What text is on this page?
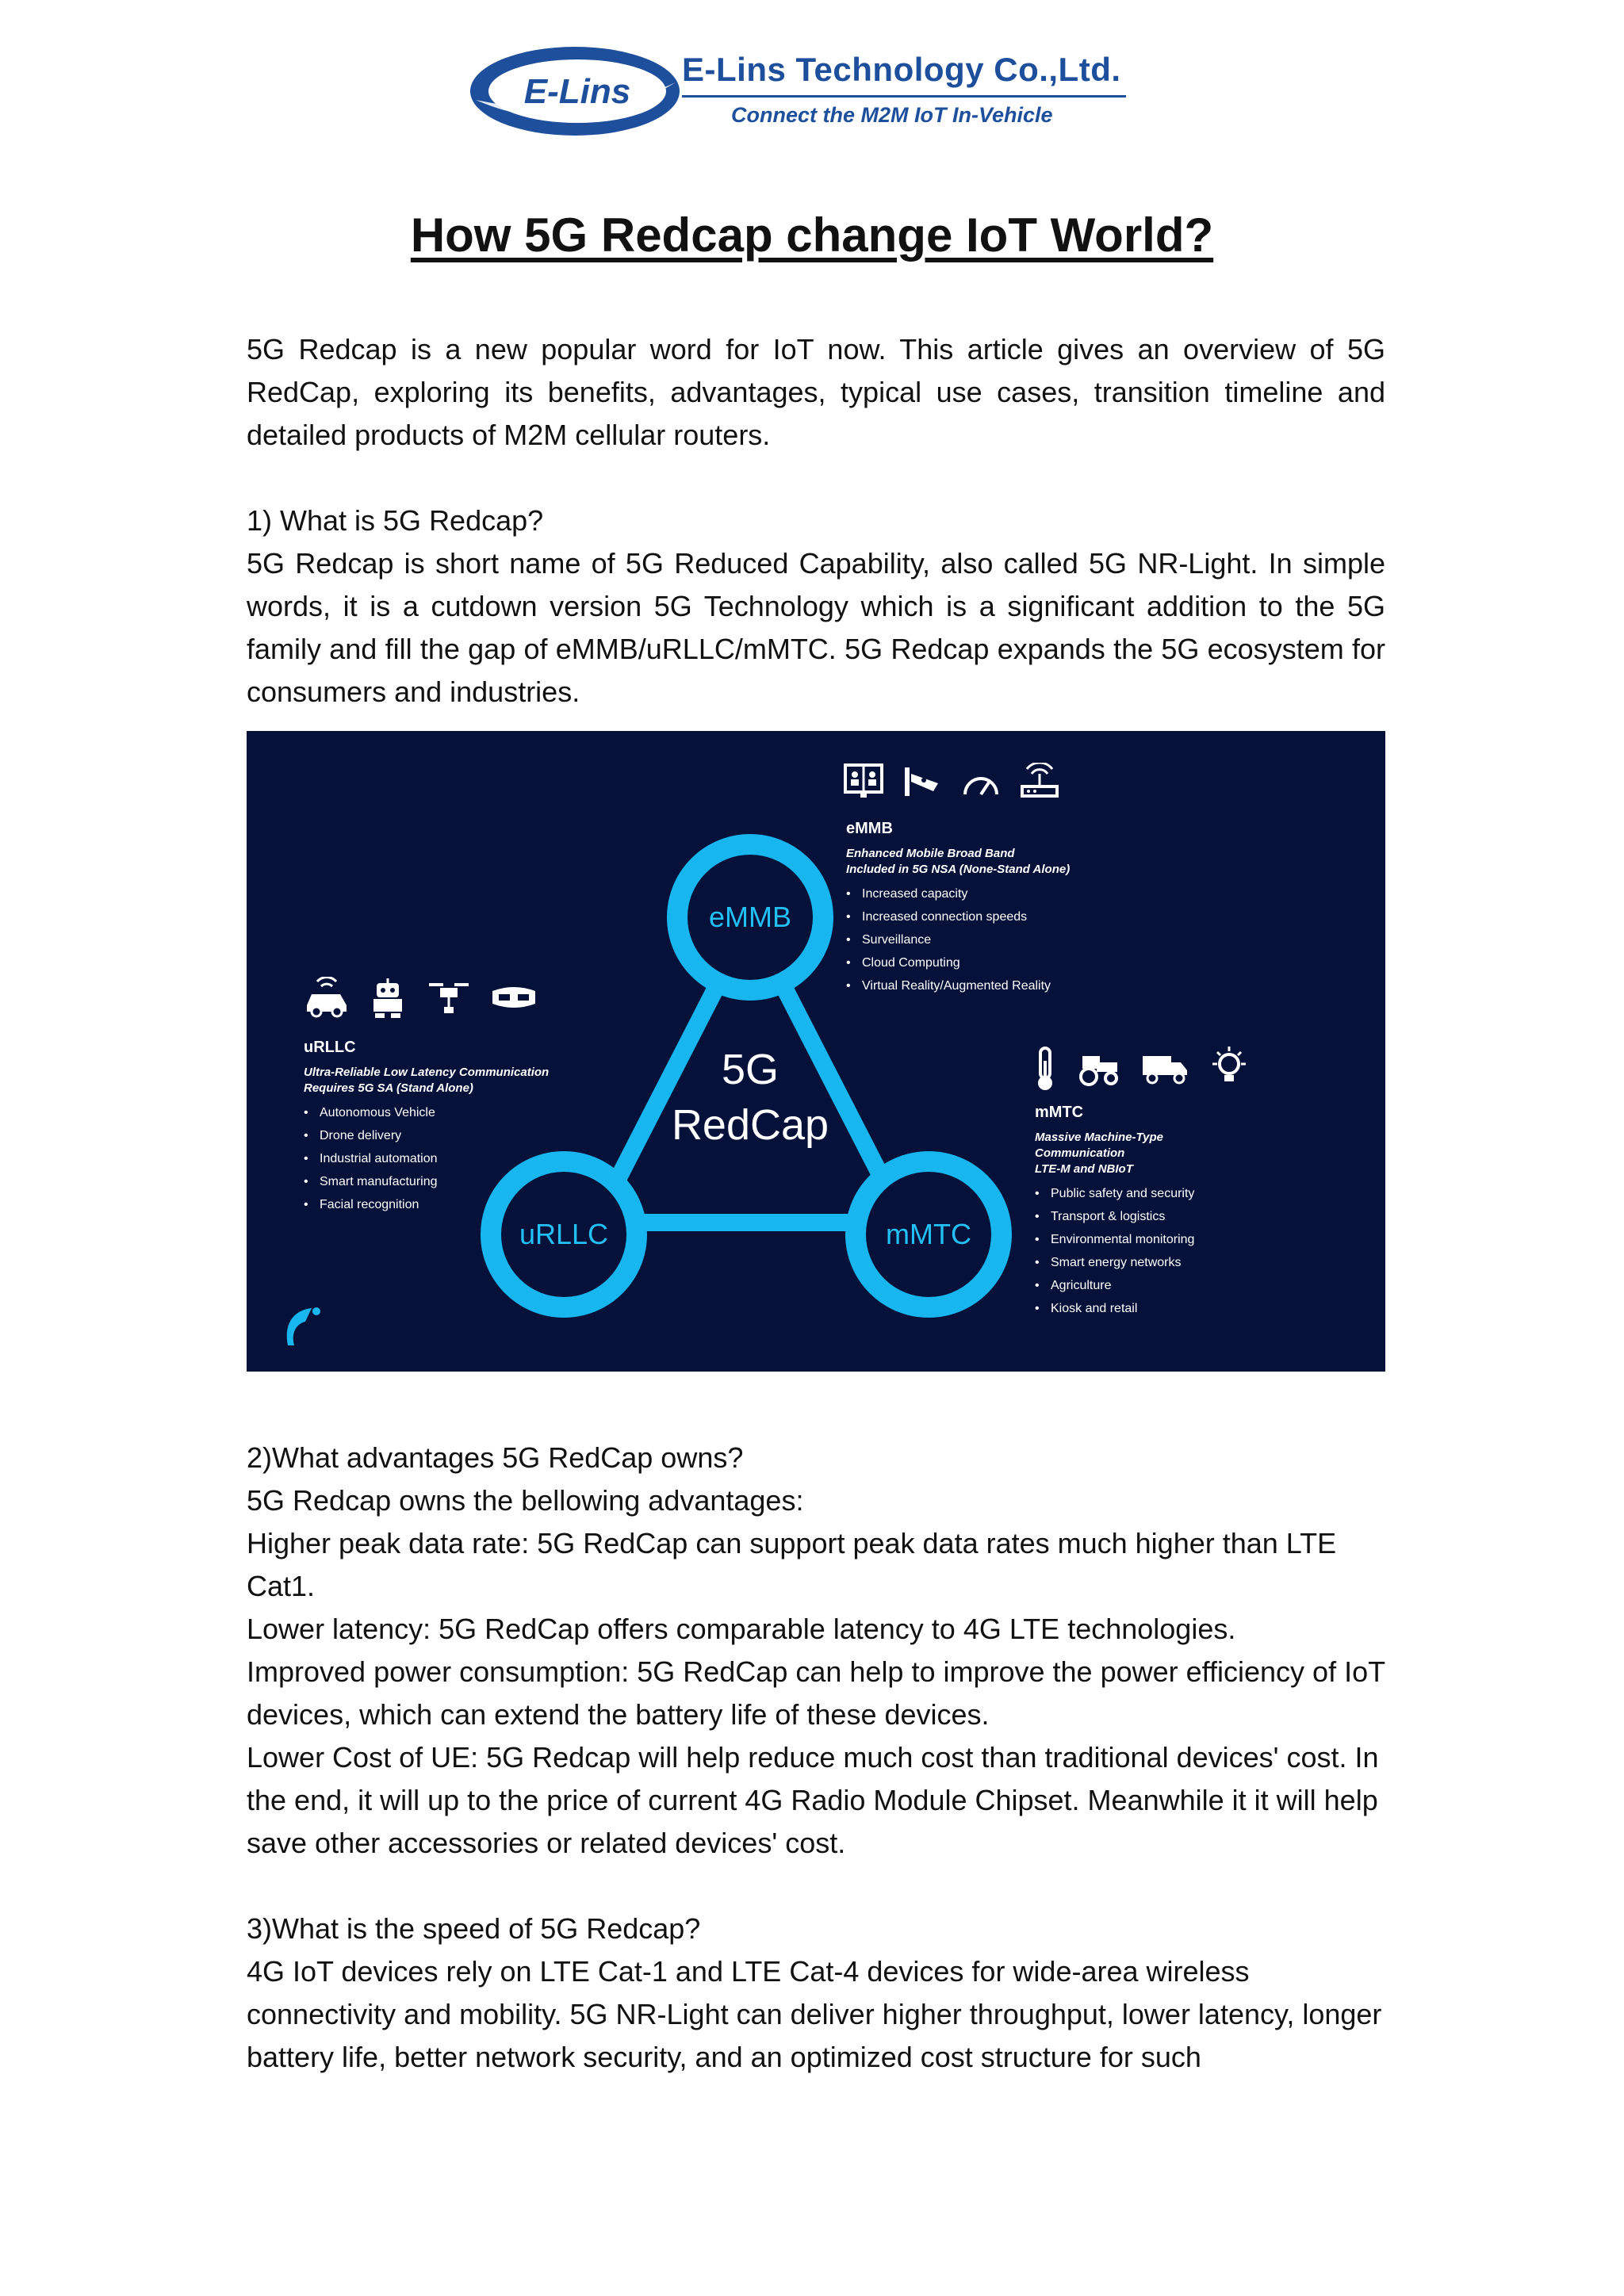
E-Lins
E-Lins Technology Co.,Ltd.
Connect the M2M IoT In-Vehicle
How 5G Redcap change IoT World?

5G Redcap is a new popular word for IoT now. This article gives an overview of 5G RedCap, exploring its benefits, advantages, typical use cases, transition timeline and detailed products of M2M cellular routers.

1) What is 5G Redcap?

5G Redcap is short name of 5G Reduced Capability, also called 5G NR-Light. In simple words, it is a cutdown version 5G Technology which is a significant addition to the 5G family and fill the gap of eMMB/uRLLC/mMTC. 5G Redcap expands the 5G ecosystem for consumers and industries.

eMMB
uRLLC	mMTC
5G
RedCap
eMMB
Enhanced Mobile Broad Band
Included in 5G NSA (None-Stand Alone)
• Increased capacity
• Increased connection speeds
• Surveillance
• Cloud Computing
• Virtual Reality/Augmented Reality
uRLLC
Ultra-Reliable Low Latency Communication
Requires 5G SA (Stand Alone)
• Autonomous Vehicle
• Drone delivery
• Industrial automation
• Smart manufacturing
• Facial recognition
mMTC
Massive Machine-Type
Communication
LTE-M and NBIoT
• Public safety and security
• Transport & logistics
• Environmental monitoring
• Smart energy networks
• Agriculture
• Kiosk and retail

2)What advantages 5G RedCap owns?

5G Redcap owns the bellowing advantages:

Higher peak data rate: 5G RedCap can support peak data rates much higher than LTE Cat1.

Lower latency: 5G RedCap offers comparable latency to 4G LTE technologies.

Improved power consumption: 5G RedCap can help to improve the power efficiency of IoT devices, which can extend the battery life of these devices.

Lower Cost of UE: 5G Redcap will help reduce much cost than traditional devices' cost. In the end, it will up to the price of current 4G Radio Module Chipset. Meanwhile it it will help save other accessories or related devices' cost.

3)What is the speed of 5G Redcap?

4G IoT devices rely on LTE Cat-1 and LTE Cat-4 devices for wide-area wireless connectivity and mobility. 5G NR-Light can deliver higher throughput, lower latency, longer battery life, better network security, and an optimized cost structure for such
